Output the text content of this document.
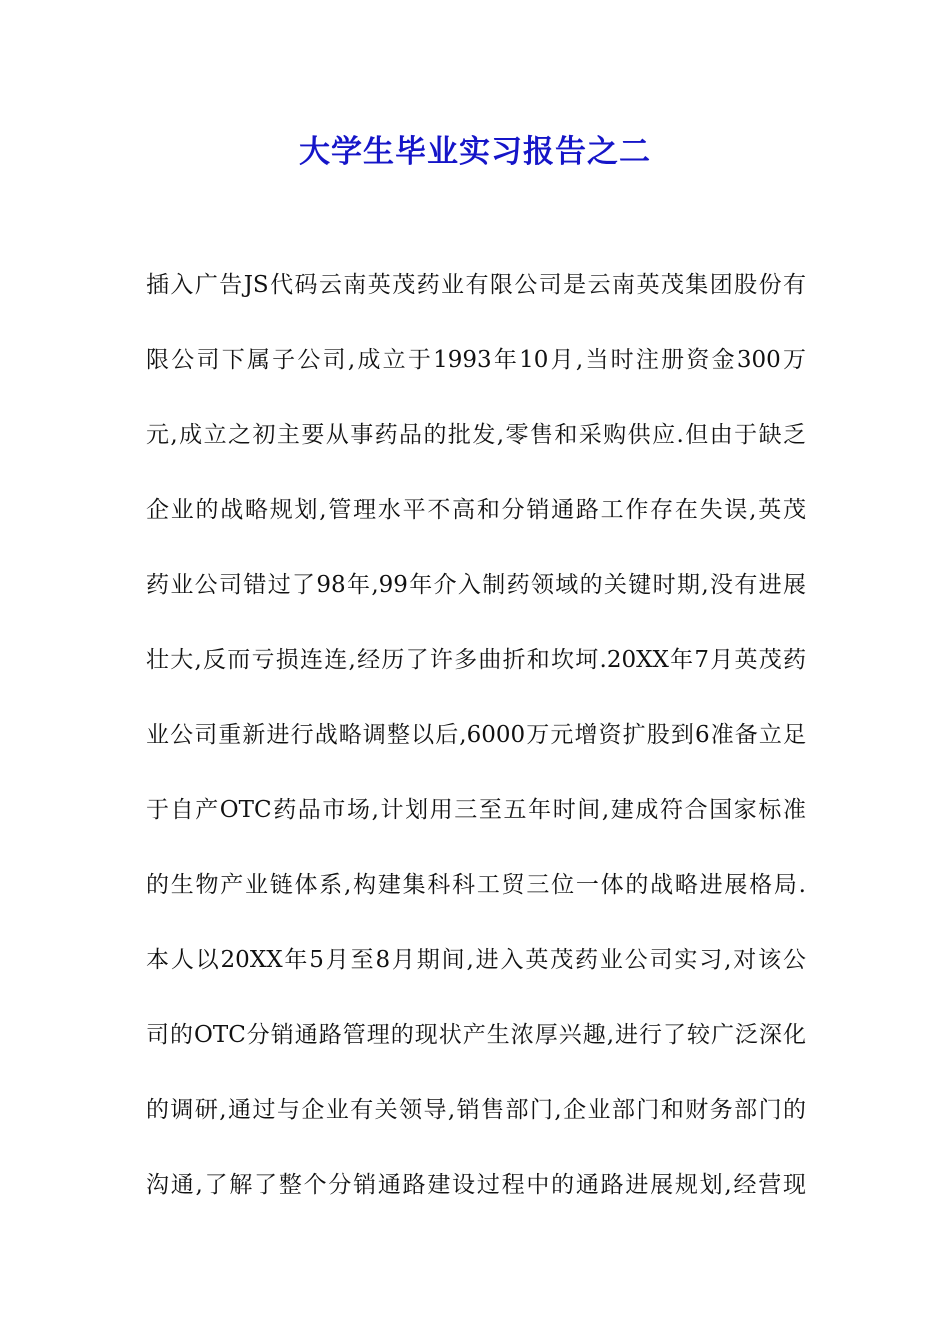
大学生毕业实习报告之二
插入广告JS代码云南英茂药业有限公司是云南英茂集团股份有
限公司下属子公司,成立于1993年10月,当时注册资金300万
元,成立之初主要从事药品的批发,零售和采购供应.但由于缺乏
企业的战略规划,管理水平不高和分销通路工作存在失误,英茂
药业公司错过了98年,99年介入制药领域的关键时期,没有进展
壮大,反而亏损连连,经历了许多曲折和坎坷.20XX年7月英茂药
业公司重新进行战略调整以后,6000万元增资扩股到6准备立足
于自产OTC药品市场,计划用三至五年时间,建成符合国家标准
的生物产业链体系,构建集科科工贸三位一体的战略进展格局.
本人以20XX年5月至8月期间,进入英茂药业公司实习,对该公
司的OTC分销通路管理的现状产生浓厚兴趣,进行了较广泛深化
的调研,通过与企业有关领导,销售部门,企业部门和财务部门的
沟通,了解了整个分销通路建设过程中的通路进展规划,经营现
